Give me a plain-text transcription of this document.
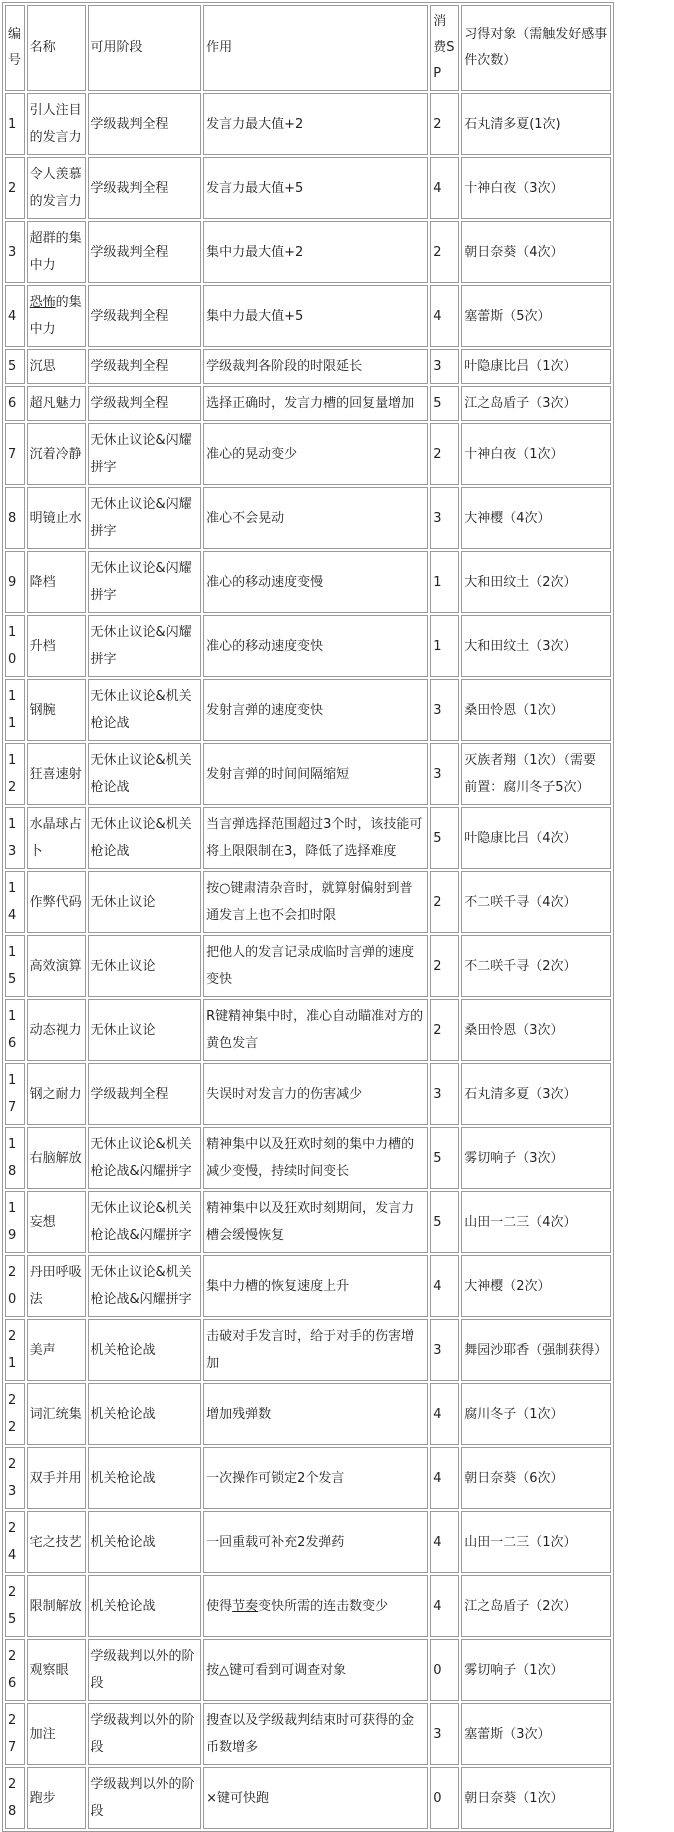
编号	名称	可用阶段	作用	消费SP	习得对象（需触发好感事件次数）
1	引人注目的发言力	学级裁判全程	发言力最大值+2	2	石丸清多夏(1次)
2	令人羡慕的发言力	学级裁判全程	发言力最大值+5	4	十神白夜（3次）
3	超群的集中力	学级裁判全程	集中力最大值+2	2	朝日奈葵（4次）
4	恐怖的集中力	学级裁判全程	集中力最大值+5	4	塞蕾斯（5次）
5	沉思	学级裁判全程	学级裁判各阶段的时限延长	3	叶隐康比吕（1次）
6	超凡魅力	学级裁判全程	选择正确时，发言力槽的回复量增加	5	江之岛盾子（3次）
7	沉着冷静	无休止议论&闪耀拼字	准心的晃动变少	2	十神白夜（1次）
8	明镜止水	无休止议论&闪耀拼字	准心不会晃动	3	大神樱（4次）
9	降档	无休止议论&闪耀拼字	准心的移动速度变慢	1	大和田纹土（2次）
10	升档	无休止议论&闪耀拼字	准心的移动速度变快	1	大和田纹土（3次）
11	钢腕	无休止议论&机关枪论战	发射言弹的速度变快	3	桑田怜恩（1次）
12	狂喜速射	无休止议论&机关枪论战	发射言弹的时间间隔缩短	3	灭族者翔（1次）（需要前置：腐川冬子5次）
13	水晶球占卜	无休止议论&机关枪论战	当言弹选择范围超过3个时，该技能可将上限限制在3，降低了选择难度	5	叶隐康比吕（4次）
14	作弊代码	无休止议论	按○键肃清杂音时，就算射偏射到普通发言上也不会扣时限	2	不二咲千寻（4次）
15	高效演算	无休止议论	把他人的发言记录成临时言弹的速度变快	2	不二咲千寻（2次）
16	动态视力	无休止议论	R键精神集中时，准心自动瞄准对方的黄色发言	2	桑田怜恩（3次）
17	钢之耐力	学级裁判全程	失误时对发言力的伤害减少	3	石丸清多夏（3次）
18	右脑解放	无休止议论&机关枪论战&闪耀拼字	精神集中以及狂欢时刻的集中力槽的减少变慢，持续时间变长	5	雾切响子（3次）
19	妄想	无休止议论&机关枪论战&闪耀拼字	精神集中以及狂欢时刻期间，发言力槽会缓慢恢复	5	山田一二三（4次）
20	丹田呼吸法	无休止议论&机关枪论战&闪耀拼字	集中力槽的恢复速度上升	4	大神樱（2次）
21	美声	机关枪论战	击破对手发言时，给于对手的伤害增加	3	舞园沙耶香（强制获得）
22	词汇统集	机关枪论战	增加残弹数	4	腐川冬子（1次）
23	双手并用	机关枪论战	一次操作可锁定2个发言	4	朝日奈葵（6次）
24	宅之技艺	机关枪论战	一回重载可补充2发弹药	4	山田一二三（1次）
25	限制解放	机关枪论战	使得节奏变快所需的连击数变少	4	江之岛盾子（2次）
26	观察眼	学级裁判以外的阶段	按△键可看到可调查对象	0	雾切响子（1次）
27	加注	学级裁判以外的阶段	搜查以及学级裁判结束时可获得的金币数增多	3	塞蕾斯（3次）
28	跑步	学级裁判以外的阶段	×键可快跑	0	朝日奈葵（1次）
